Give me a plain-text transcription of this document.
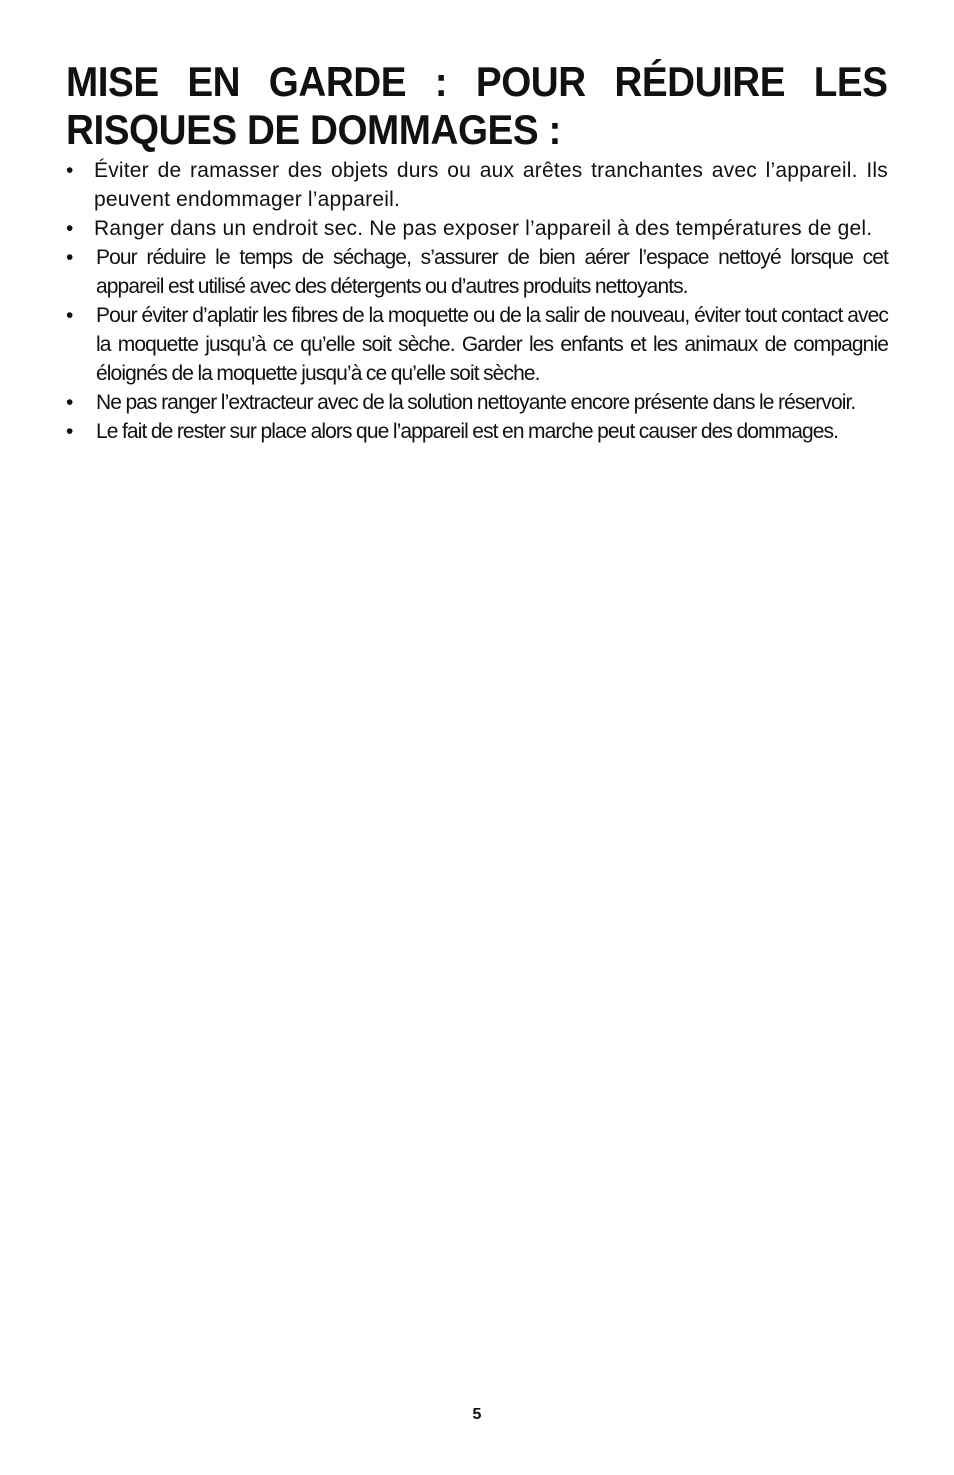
MISE EN GARDE : POUR RÉDUIRE LES RISQUES DE DOMMAGES :
• Éviter de ramasser des objets durs ou aux arêtes tranchantes avec l’appareil. Ils peuvent endommager l’appareil.
• Ranger dans un endroit sec. Ne pas exposer l’appareil à des températures de gel.
•	Pour réduire le temps de séchage, s’assurer de bien aérer l’espace nettoyé lorsque cet appareil est utilisé avec des détergents ou d’autres produits nettoyants.
•	Pour éviter d’aplatir les fibres de la moquette ou de la salir de nouveau, éviter tout contact avec la moquette jusqu’à ce qu’elle soit sèche. Garder les enfants et les animaux de compagnie éloignés de la moquette jusqu’à ce qu’elle soit sèche.
•	Ne pas ranger l’extracteur avec de la solution nettoyante encore présente dans le réservoir.
•	Le fait de rester sur place alors que l’appareil est en marche peut causer des dommages.
5
